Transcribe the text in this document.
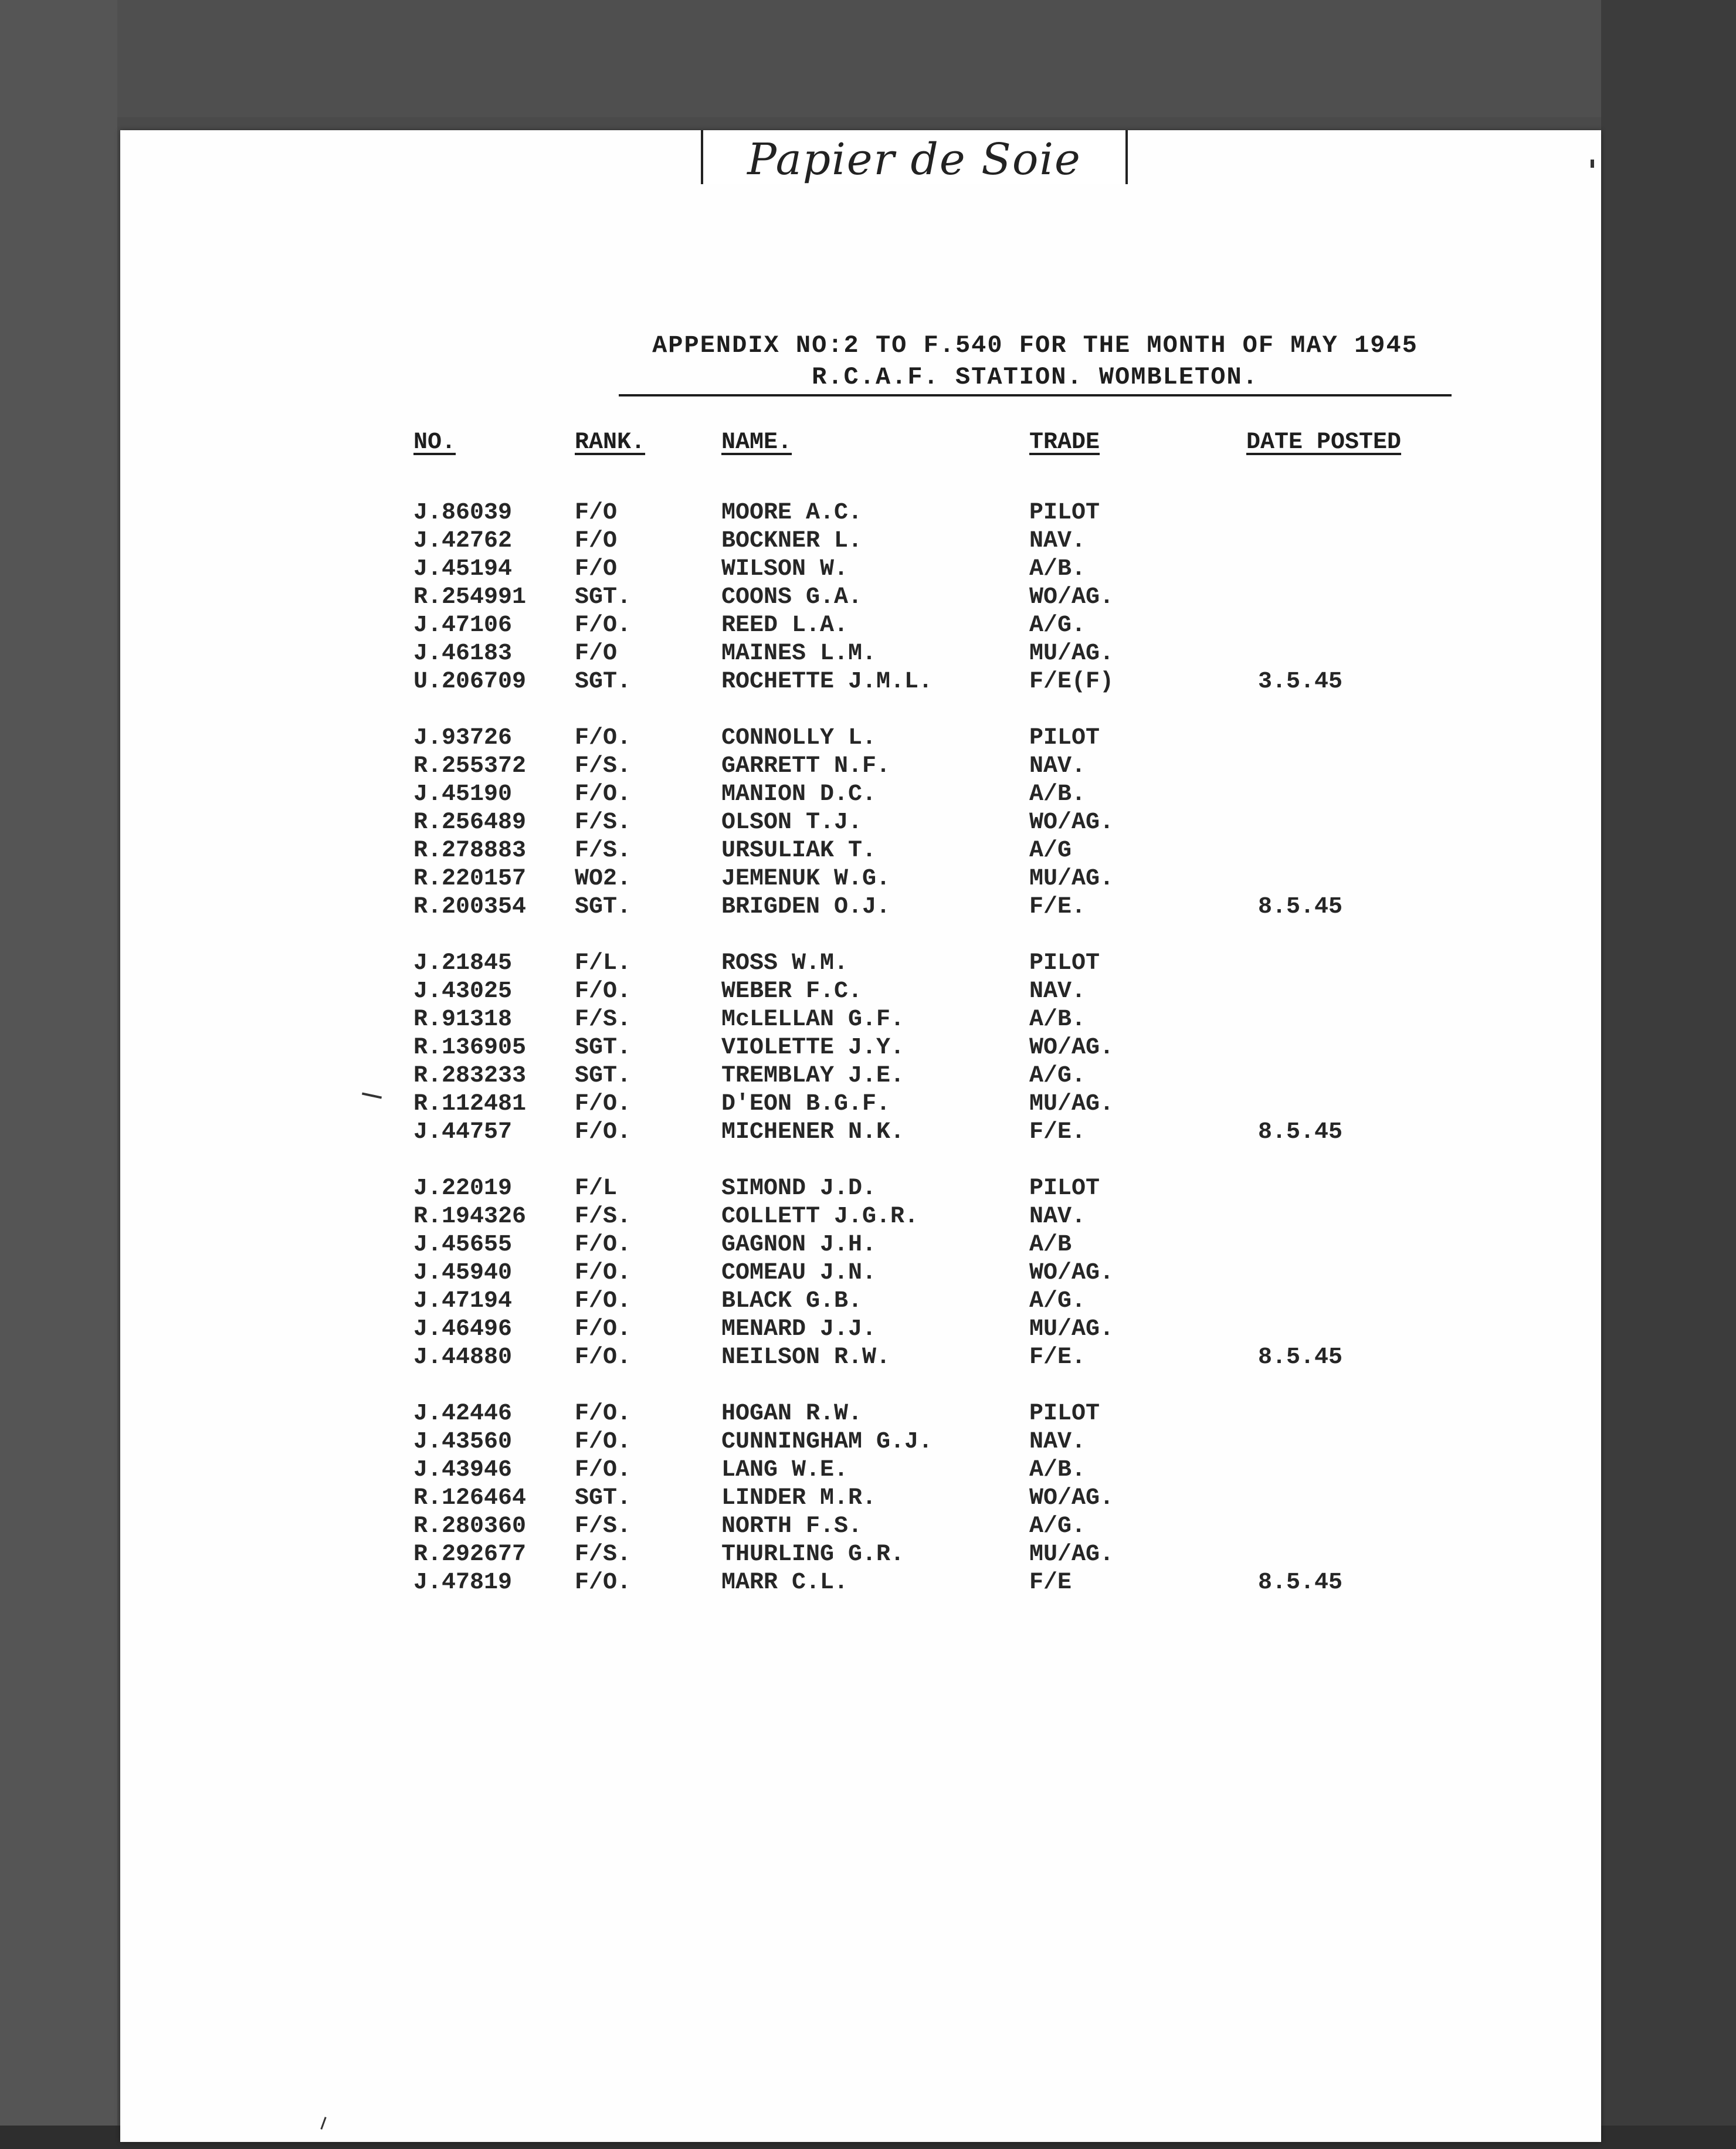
Papier de Soie
APPENDIX NO:2 TO F.540 FOR THE MONTH OF MAY 1945
R.C.A.F. STATION. WOMBLETON.
NO.	RANK.	NAME.	TRADE	DATE POSTED
J.86039	F/O	MOORE A.C.	PILOT
J.42762	F/O	BOCKNER L.	NAV.
J.45194	F/O	WILSON W.	A/B.
R.254991 SGT.	COONS G.A.	WO/AG.
J.47106	F/O.	REED L.A.	A/G.
J.46183	F/O	MAINES L.M.	MU/AG.
U.206709 SGT.	ROCHETTE J.M.L.	F/E(F)	3.5.45
J.93726	F/O.	CONNOLLY L.	PILOT
R.255372 F/S.	GARRETT N.F.	NAV.
J.45190	F/O.	MANION D.C.	A/B.
R.256489 F/S.	OLSON T.J.	WO/AG.
R.278883 F/S.	URSULIAK T.	A/G
R.220157 WO2.	JEMENUK W.G.	MU/AG.
R.200354 SGT.	BRIGDEN O.J.	F/E.	8.5.45
J.21845	F/L.	ROSS W.M.	PILOT
J.43025	F/O.	WEBER F.C.	NAV.
R.91318	F/S.	McLELLAN G.F.	A/B.
R.136905 SGT.	VIOLETTE J.Y.	WO/AG.
R.283233 SGT.	TREMBLAY J.E.	A/G.
R.112481 F/O.	D'EON B.G.F.	MU/AG.
J.44757	F/O.	MICHENER N.K.	F/E.	8.5.45
J.22019	F/L	SIMOND J.D.	PILOT
R.194326 F/S.	COLLETT J.G.R.	NAV.
J.45655	F/O.	GAGNON J.H.	A/B
J.45940	F/O.	COMEAU J.N.	WO/AG.
J.47194	F/O.	BLACK G.B.	A/G.
J.46496	F/O.	MENARD J.J.	MU/AG.
J.44880	F/O.	NEILSON R.W.	F/E.	8.5.45
J.42446	F/O.	HOGAN R.W.	PILOT
J.43560	F/O.	CUNNINGHAM G.J.	NAV.
J.43946	F/O.	LANG W.E.	A/B.
R.126464 SGT.	LINDER M.R.	WO/AG.
R.280360 F/S.	NORTH F.S.	A/G.
R.292677 F/S.	THURLING G.R.	MU/AG.
J.47819	F/O.	MARR C.L.	F/E	8.5.45
